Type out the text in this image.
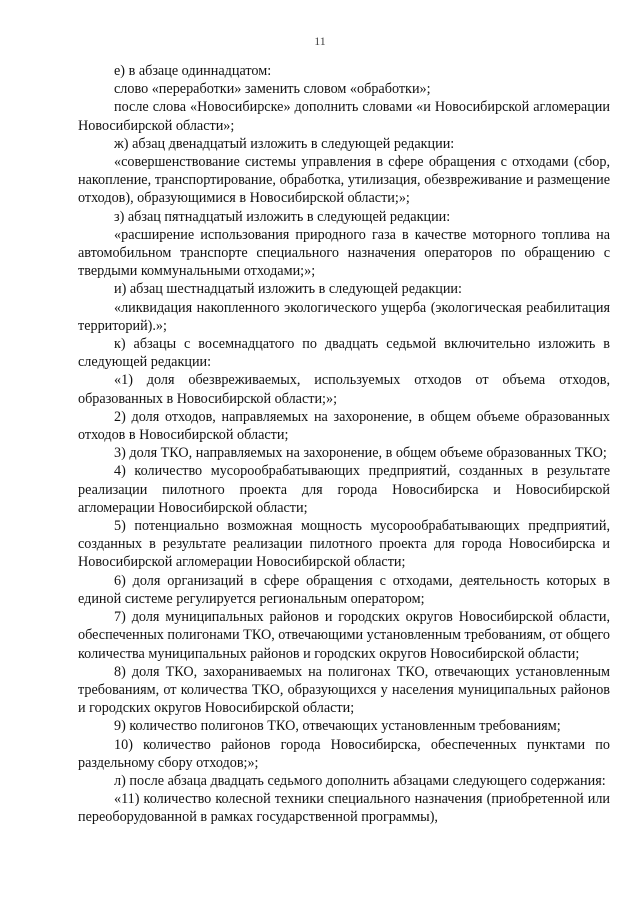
11

е) в абзаце одиннадцатом:

слово «переработки» заменить словом «обработки»;

после слова «Новосибирске» дополнить словами «и Новосибирской агломерации Новосибирской области»;

ж) абзац двенадцатый изложить в следующей редакции:

«совершенствование системы управления в сфере обращения с отходами (сбор, накопление, транспортирование, обработка, утилизация, обезвреживание и размещение отходов), образующимися в Новосибирской области;»;

з) абзац пятнадцатый изложить в следующей редакции:

«расширение использования природного газа в качестве моторного топлива на автомобильном транспорте специального назначения операторов по обращению с твердыми коммунальными отходами;»;

и) абзац шестнадцатый изложить в следующей редакции:

«ликвидация накопленного экологического ущерба (экологическая реабилитация территорий).»;

к) абзацы с восемнадцатого по двадцать седьмой включительно изложить в следующей редакции:

«1) доля обезвреживаемых, используемых отходов от объема отходов, образованных в Новосибирской области;»;

2) доля отходов, направляемых на захоронение, в общем объеме образованных отходов в Новосибирской области;

3) доля ТКО, направляемых на захоронение, в общем объеме образованных ТКО;

4) количество мусороoбрабатывающих предприятий, созданных в результате реализации пилотного проекта для города Новосибирска и Новосибирской агломерации Новосибирской области;

5) потенциально возможная мощность мусорообрабатывающих предприятий, созданных в результате реализации пилотного проекта для города Новосибирска и Новосибирской агломерации Новосибирской области;

6) доля организаций в сфере обращения с отходами, деятельность которых в единой системе регулируется региональным оператором;

7) доля муниципальных районов и городских округов Новосибирской области, обеспеченных полигонами ТКО, отвечающими установленным требованиям, от общего количества муниципальных районов и городских округов Новосибирской области;

8) доля ТКО, захораниваемых на полигонах ТКО, отвечающих установленным требованиям, от количества ТКО, образующихся у населения муниципальных районов и городских округов Новосибирской области;

9) количество полигонов ТКО, отвечающих установленным требованиям;

10) количество районов города Новосибирска, обеспеченных пунктами по раздельному сбору отходов;»;

л) после абзаца двадцать седьмого дополнить абзацами следующего содержания:

«11) количество колесной техники специального назначения (приобретенной или переоборудованной в рамках государственной программы),
